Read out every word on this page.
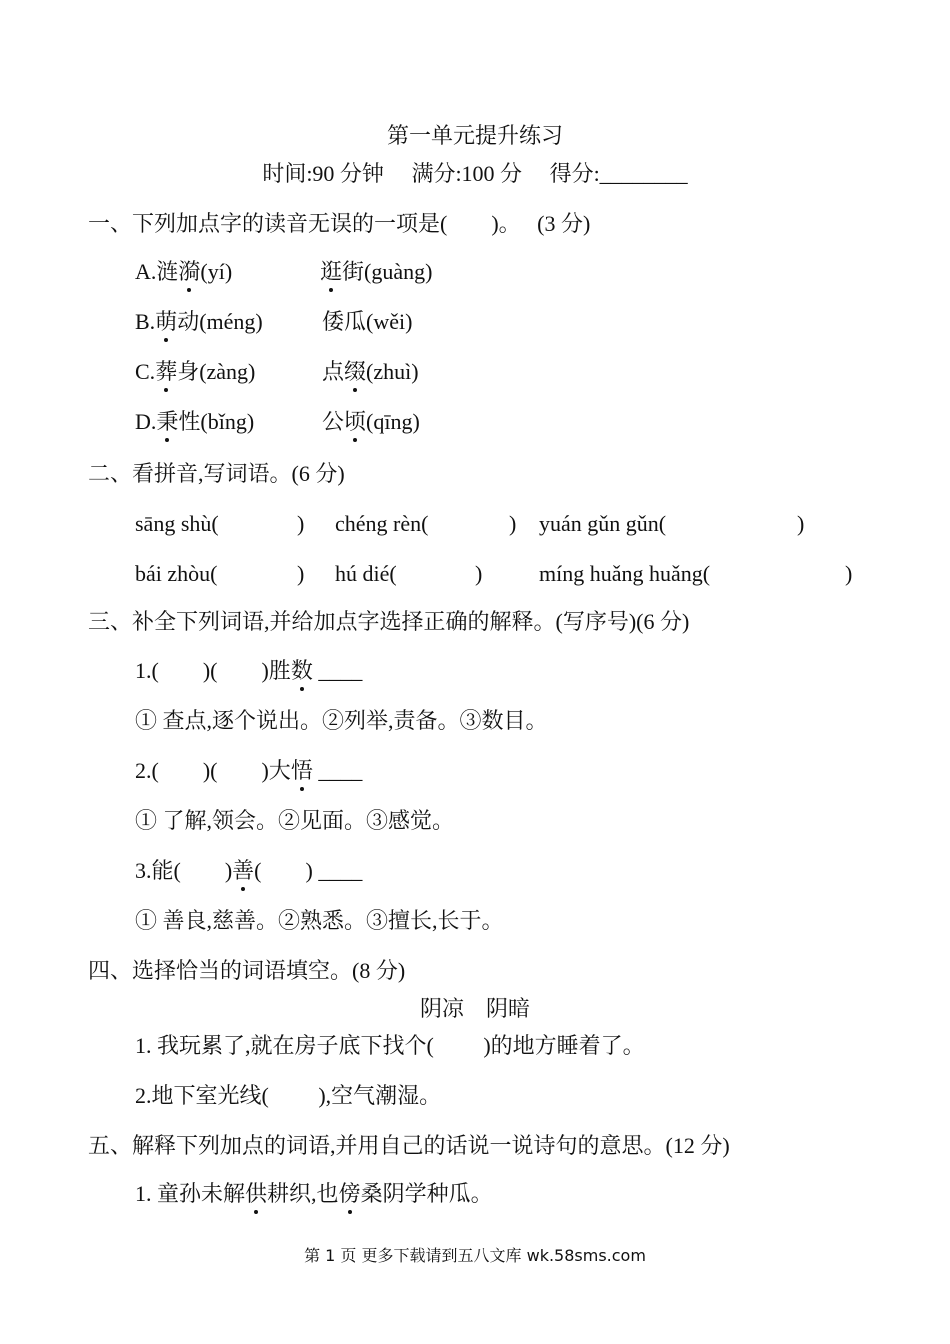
第一单元提升练习
时间:90 分钟 满分:100 分 得分:________
一、下列加点字的读音无误的一项是(　　)。　 (3 分)
A.涟漪(yí)	逛街(guàng)
B.萌动(méng)	倭瓜(wěi)
C.葬身(zàng)	点缀(zhuì)
D.秉性(bǐng)	公顷(qīng)
二、看拼音,写词语。(6 分)
sāng shù(	) chéng rèn(	) yuán gǔn gǔn(	)
bái zhòu(	) hú dié(	)	míng huǎng huǎng(	)
三、补全下列词语,并给加点字选择正确的解释。(写序号)(6 分)
1.(　　)(　　)胜数 ____
① 查点,逐个说出。②列举,责备。③数目。
2.(　　)(　　)大悟 ____
① 了解,领会。②见面。③感觉。
3.能(　　)善(　　) ____
① 善良,慈善。②熟悉。③擅长,长于。
四、选择恰当的词语填空。(8 分)
阴凉　阴暗
1. 我玩累了,就在房子底下找个(　　 )的地方睡着了。
2.地下室光线(　　 ),空气潮湿。
五、解释下列加点的词语,并用自己的话说一说诗句的意思。(12 分)
1. 童孙未解供耕织,也傍桑阴学种瓜。
第 1 页 更多下载请到五八文库 wk.58sms.com
